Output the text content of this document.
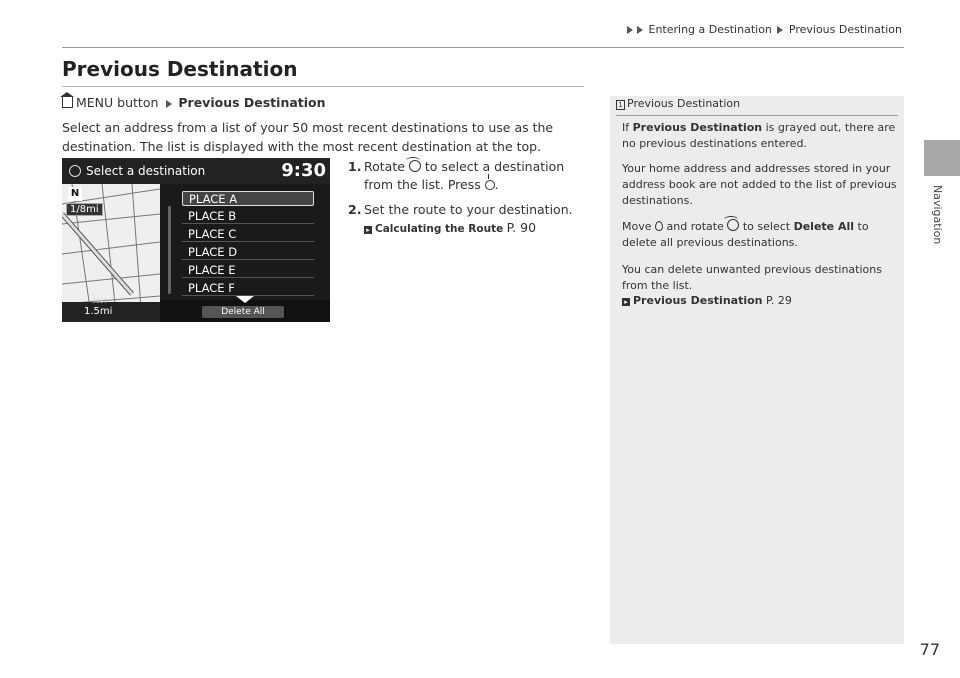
Entering a Destination Previous Destination
Navigation
Previous Destination
MENU button Previous Destination

Select an address from a list of your 50 most recent destinations to use as the destination. The list is displayed with the most recent destination at the top.

Select a destination	9:30
N
1/8mi
31ST
1.5mi
PLACE A
PLACE B
PLACE C
PLACE D
PLACE E
PLACE F
Delete All
1. Rotate to select a destination from the list. Press .
2. Set the route to your destination.
▸ Calculating the Route P. 90
1 Previous Destination

If Previous Destination is grayed out, there are no previous destinations entered.

Your home address and addresses stored in your address book are not added to the list of previous destinations.

Move and rotate to select Delete All to delete all previous destinations.

You can delete unwanted previous destinations from the list.

▸ Previous Destination P. 29
77
